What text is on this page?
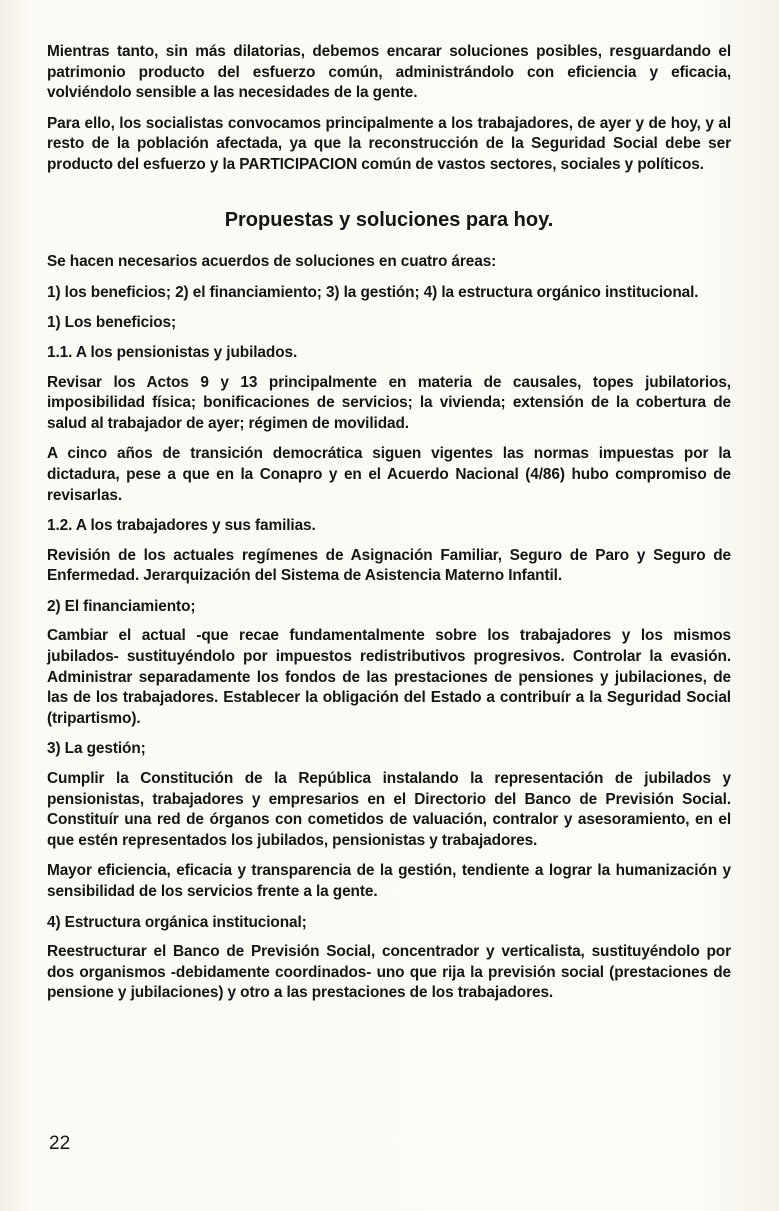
Mientras tanto, sin más dilatorias, debemos encarar soluciones posibles, resguardando el patrimonio producto del esfuerzo común, administrándolo con eficiencia y eficacia, volviéndolo sensible a las necesidades de la gente.

Para ello, los socialistas convocamos principalmente a los trabajadores, de ayer y de hoy, y al resto de la población afectada, ya que la reconstrucción de la Seguridad Social debe ser producto del esfuerzo y la PARTICIPACION común de vastos sectores, sociales y políticos.

Propuestas y soluciones para hoy.

Se hacen necesarios acuerdos de soluciones en cuatro áreas:

1) los beneficios; 2) el financiamiento; 3) la gestión; 4) la estructura orgánico institucional.

1) Los beneficios;

1.1. A los pensionistas y jubilados.

Revisar los Actos 9 y 13 principalmente en materia de causales, topes jubilatorios, imposibilidad física; bonificaciones de servicios; la vivienda; extensión de la cobertura de salud al trabajador de ayer; régimen de movilidad.

A cinco años de transición democrática siguen vigentes las normas impuestas por la dictadura, pese a que en la Conapro y en el Acuerdo Nacional (4/86) hubo compromiso de revisarlas.

1.2. A los trabajadores y sus familias.

Revisión de los actuales regímenes de Asignación Familiar, Seguro de Paro y Seguro de Enfermedad. Jerarquización del Sistema de Asistencia Materno Infantil.

2) El financiamiento;

Cambiar el actual -que recae fundamentalmente sobre los trabajadores y los mismos jubilados- sustituyéndolo por impuestos redistributivos progresivos. Controlar la evasión. Administrar separadamente los fondos de las prestaciones de pensiones y jubilaciones, de las de los trabajadores. Establecer la obligación del Estado a contribuír a la Seguridad Social (tripartismo).

3) La gestión;

Cumplir la Constitución de la República instalando la representación de jubilados y pensionistas, trabajadores y empresarios en el Directorio del Banco de Previsión Social. Constituír una red de órganos con cometidos de valuación, contralor y asesoramiento, en el que estén representados los jubilados, pensionistas y trabajadores.

Mayor eficiencia, eficacia y transparencia de la gestión, tendiente a lograr la humanización y sensibilidad de los servicios frente a la gente.

4) Estructura orgánica institucional;

Reestructurar el Banco de Previsión Social, concentrador y verticalista, sustituyéndolo por dos organismos -debidamente coordinados- uno que rija la previsión social (prestaciones de pensione y jubilaciones) y otro a las prestaciones de los trabajadores.

22
